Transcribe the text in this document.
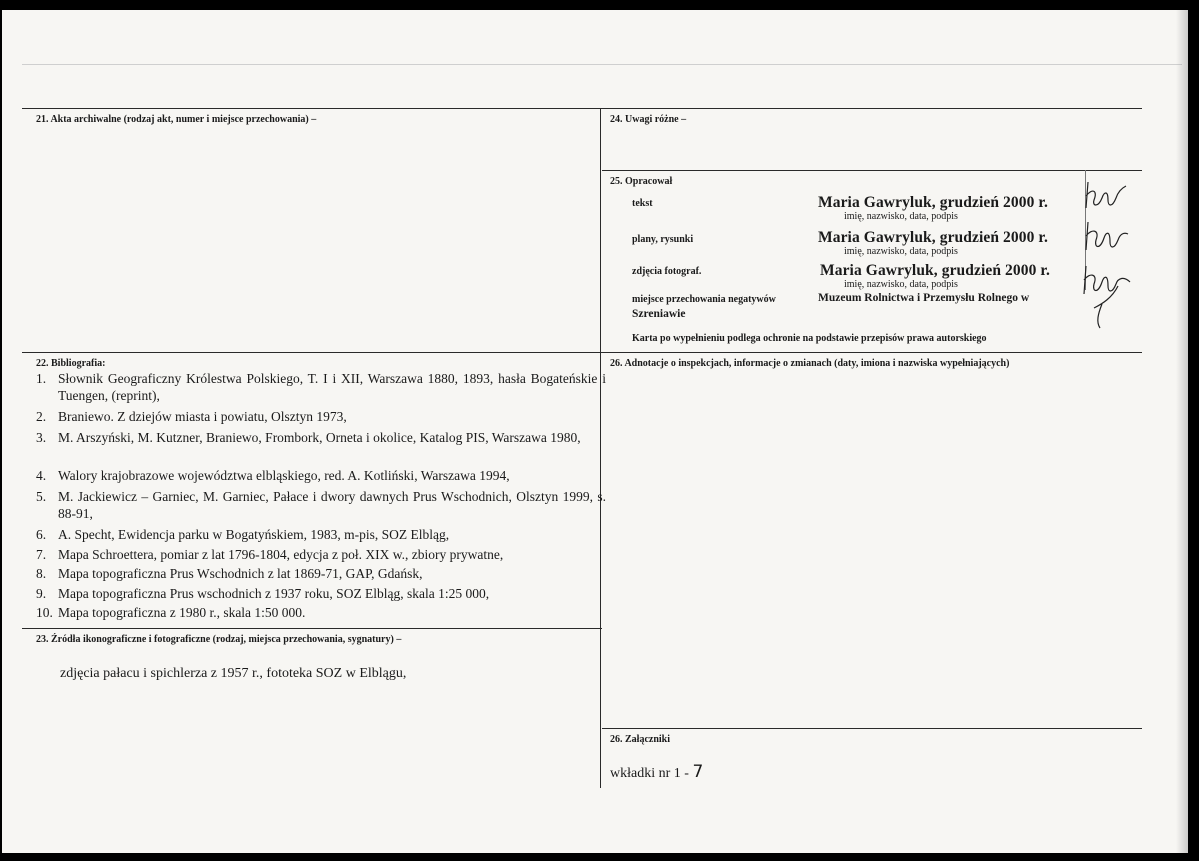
21. Akta archiwalne (rodzaj akt, numer i miejsce przechowania) –	24. Uwagi różne –
25. Opracował
tekst	Maria Gawryluk, grudzień 2000 r.
imię, nazwisko, data, podpis
plany, rysunki	Maria Gawryluk, grudzień 2000 r.
imię, nazwisko, data, podpis
zdjęcia fotograf.	Maria Gawryluk, grudzień 2000 r.
imię, nazwisko, data, podpis
miejsce przechowania negatywów	Muzeum Rolnictwa i Przemysłu Rolnego w
Szreniawie
Karta po wypełnieniu podlega ochronie na podstawie przepisów prawa autorskiego
22. Bibliografia:
1. Słownik Geograficzny Królestwa Polskiego, T. I i XII, Warszawa 1880, 1893, hasła Bogateńskie i Tuengen, (reprint),
2. Braniewo. Z dziejów miasta i powiatu, Olsztyn 1973,
3. M. Arszyński, M. Kutzner, Braniewo, Frombork, Orneta i okolice, Katalog PIS, Warszawa 1980,
4. Walory krajobrazowe województwa elbląskiego, red. A. Kotliński, Warszawa 1994,
5. M. Jackiewicz – Garniec, M. Garniec, Pałace i dwory dawnych Prus Wschodnich, Olsztyn 1999, s. 88-91,
6. A. Specht, Ewidencja parku w Bogatyńskiem, 1983, m-pis, SOZ Elbląg,
7. Mapa Schroettera, pomiar z lat 1796-1804, edycja z poł. XIX w., zbiory prywatne,
8. Mapa topograficzna Prus Wschodnich z lat 1869-71, GAP, Gdańsk,
9. Mapa topograficzna Prus wschodnich z 1937 roku, SOZ Elbląg, skala 1:25 000,
10. Mapa topograficzna z 1980 r., skala 1:50 000.
26. Adnotacje o inspekcjach, informacje o zmianach (daty, imiona i nazwiska wypełniających)
23. Źródła ikonograficzne i fotograficzne (rodzaj, miejsca przechowania, sygnatury) –
zdjęcia pałacu i spichlerza z 1957 r., fototeka SOZ w Elblągu,
26. Załączniki
wkładki nr 1 - 7
